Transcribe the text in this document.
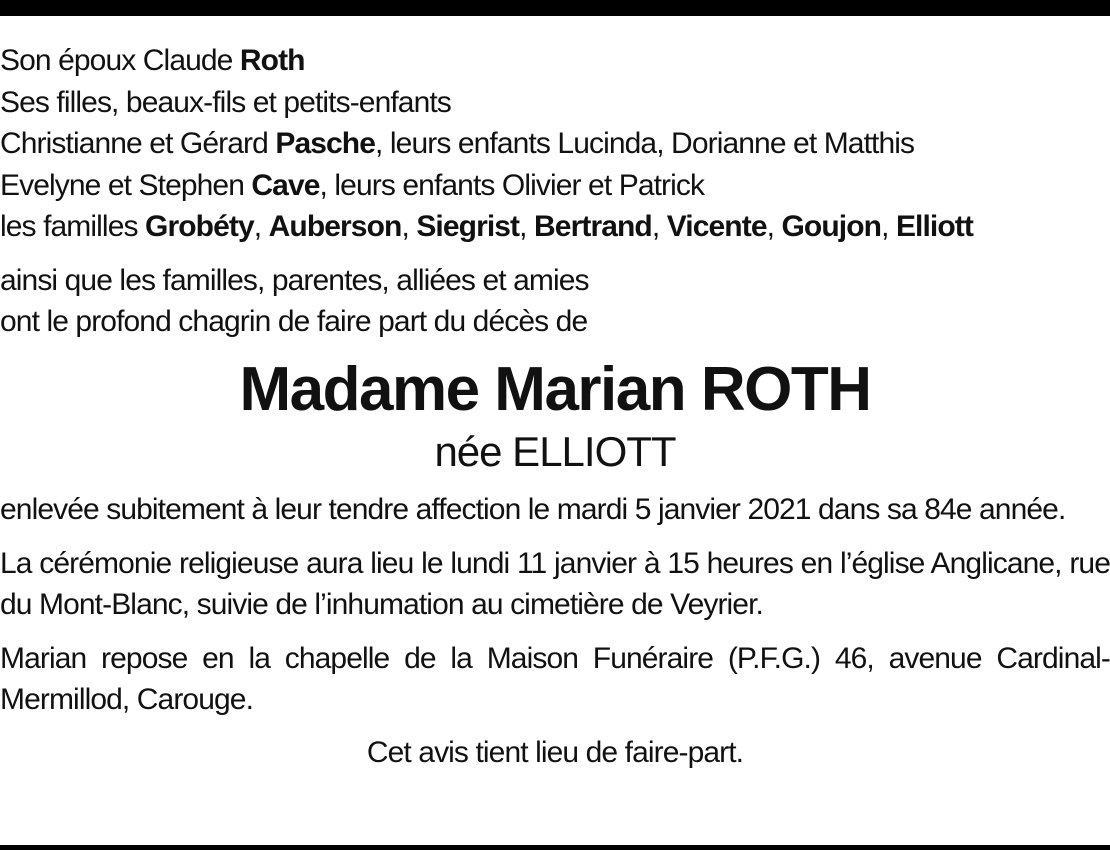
Son époux Claude Roth
Ses filles, beaux-fils et petits-enfants
Christianne et Gérard Pasche, leurs enfants Lucinda, Dorianne et Matthis
Evelyne et Stephen Cave, leurs enfants Olivier et Patrick
les familles Grobéty, Auberson, Siegrist, Bertrand, Vicente, Goujon, Elliott
ainsi que les familles, parentes, alliées et amies
ont le profond chagrin de faire part du décès de
Madame Marian ROTH
née ELLIOTT
enlevée subitement à leur tendre affection le mardi 5 janvier 2021 dans sa 84e année.
La cérémonie religieuse aura lieu le lundi 11 janvier à 15 heures en l’église Anglicane, rue du Mont-Blanc, suivie de l’inhumation au cimetière de Veyrier.
Marian repose en la chapelle de la Maison Funéraire (P.F.G.) 46, avenue Cardinal-Mermillod, Carouge.
Cet avis tient lieu de faire-part.
